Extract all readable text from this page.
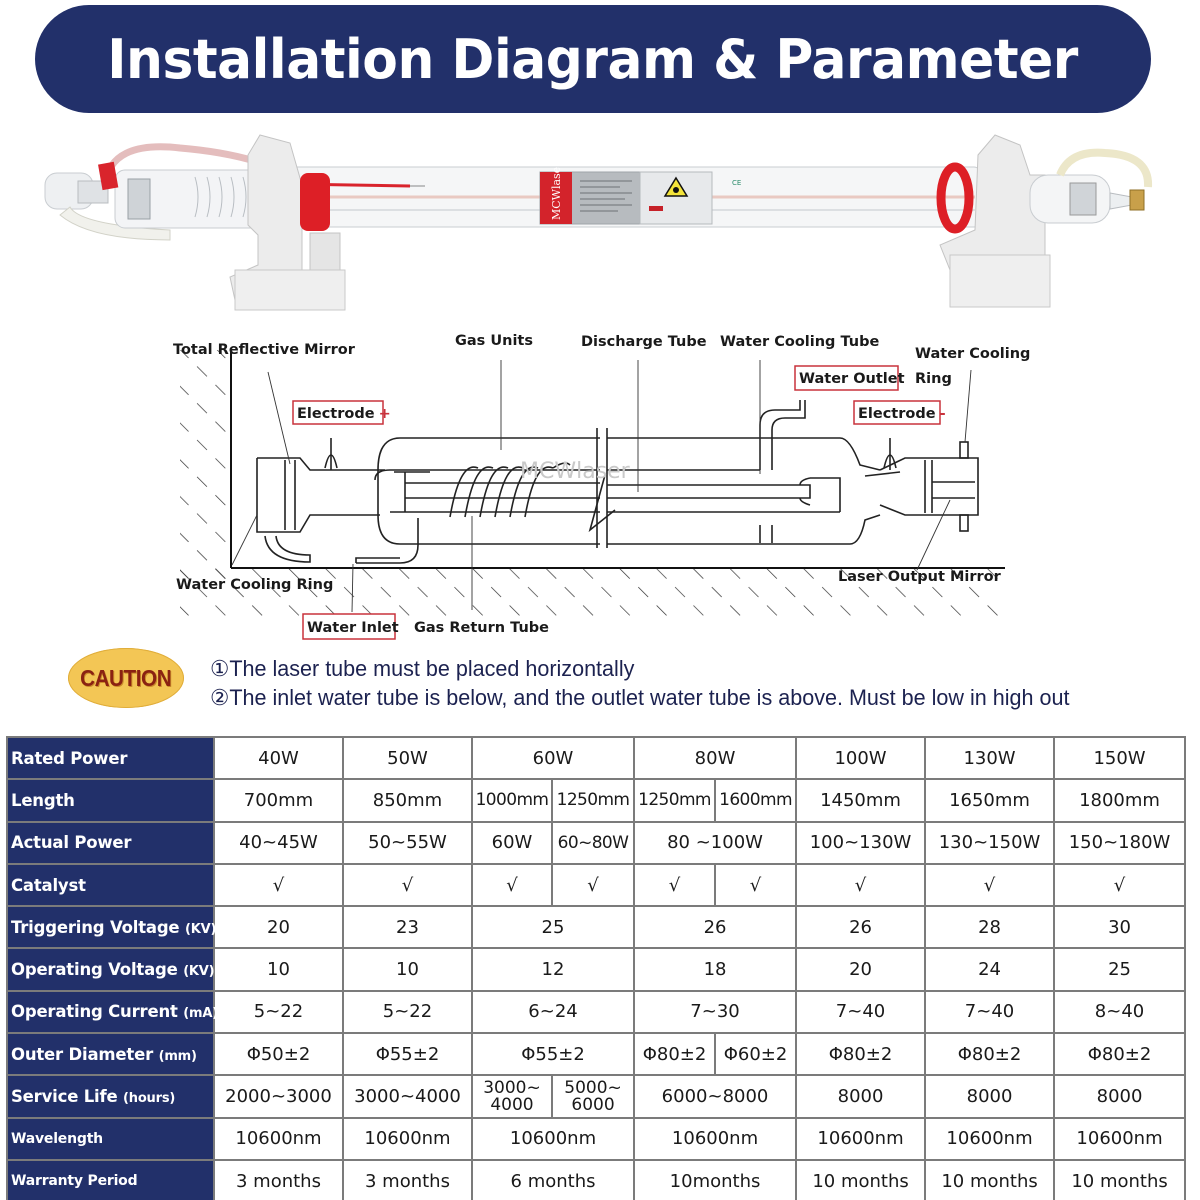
Installation Diagram & Parameter
MCWlaser	CE
MCWlaser
Total Reflective Mirror
Gas Units	Discharge Tube Water Cooling Tube
Water Cooling
Ring
Water Outlet
Electrode +	Electrode -
Water Cooling Ring	Laser Output Mirror
Water Inlet Gas Return Tube
CAUTION ①The laser tube must be placed horizontally
②The inlet water tube is below, and the outlet water tube is above. Must be low in high out
Rated Power	40W	50W	60W		80W		100W	130W	150W
Length	700mm	850mm	1000mm	1250mm	1250mm	1600mm	1450mm	1650mm	1800mm
Actual Power	40~45W	50~55W	60W	60~80W	80 ~100W		100~130W	130~150W	150~180W
Catalyst	√	√	√	√	√	√	√	√	√
Triggering Voltage (KV)	20	23	25		26		26	28	30
Operating Voltage (KV)	10	10	12		18		20	24	25
Operating Current (mA)	5~22	5~22	6~24		7~30		7~40	7~40	8~40
Outer Diameter (mm)	Φ50±2	Φ55±2	Φ55±2		Φ80±2	Φ60±2	Φ80±2	Φ80±2	Φ80±2
Service Life (hours)	2000~3000	3000~4000	3000~
4000	5000~
6000	6000~8000		8000	8000	8000
Wavelength	10600nm	10600nm	10600nm		10600nm		10600nm	10600nm	10600nm
Warranty Period	3 months	3 months	6 months		10months		10 months	10 months	10 months
